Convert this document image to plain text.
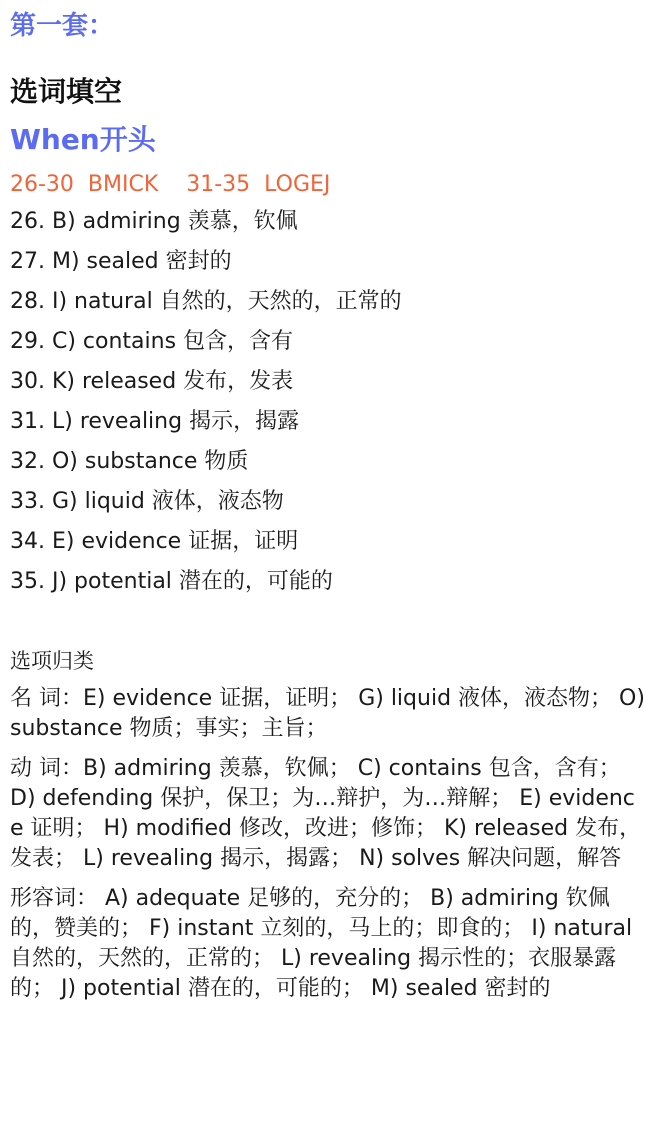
第一套：
选词填空
When开头
26-30  BMICK    31-35  LOGEJ
26. B) admiring 羡慕，钦佩
27. M) sealed 密封的
28. I) natural 自然的，天然的，正常的
29. C) contains 包含，含有
30. K) released 发布，发表
31. L) revealing 揭示，揭露
32. O) substance 物质
33. G) liquid 液体，液态物
34. E) evidence 证据，证明
35. J) potential 潜在的，可能的
选项归类

名 词：E) evidence 证据，证明； G) liquid 液体，液态物； O) substance 物质；事实；主旨；

动 词：B) admiring 羡慕，钦佩； C) contains 包含，含有； D) defending 保护，保卫；为…辩护，为…辩解； E) evidence 证明； H) modified 修改，改进；修饰； K) released 发布，发表； L) revealing 揭示，揭露； N) solves 解决问题，解答

形容词： A) adequate 足够的，充分的； B) admiring 钦佩的，赞美的； F) instant 立刻的，马上的；即食的； I) natural 自然的，天然的，正常的； L) revealing 揭示性的；衣服暴露的； J) potential 潜在的，可能的； M) sealed 密封的
